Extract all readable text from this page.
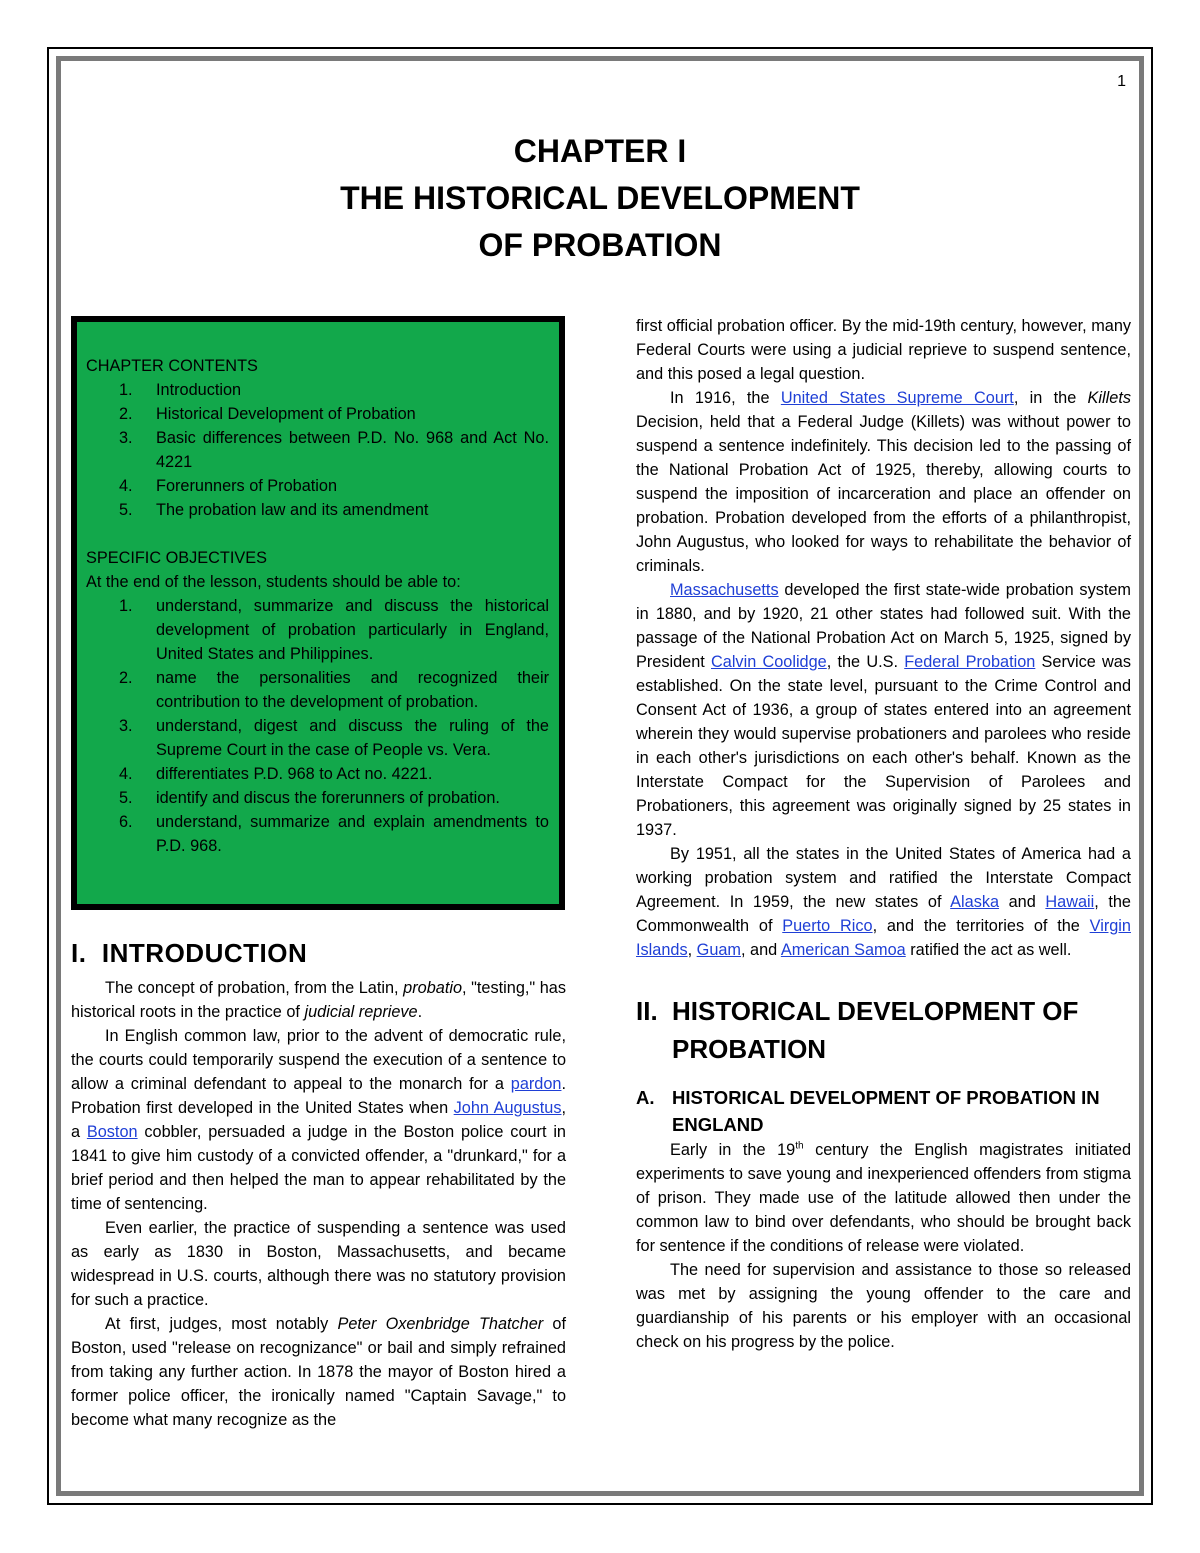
1
CHAPTER I
THE HISTORICAL DEVELOPMENT
OF PROBATION
CHAPTER CONTENTS
1.	Introduction
2.	Historical Development of Probation
3.	Basic differences between P.D. No. 968 and Act No. 4221
4.	Forerunners of Probation
5.	The probation law and its amendment
SPECIFIC OBJECTIVES
At the end of the lesson, students should be able to:
1.	understand, summarize and discuss the historical development of probation particularly in England, United States and Philippines.
2.	name the personalities and recognized their contribution to the development of probation.
3.	understand, digest and discuss the ruling of the Supreme Court in the case of People vs. Vera.
4.	differentiates P.D. 968 to Act no. 4221.
5.	identify and discus the forerunners of probation.
6.	understand, summarize and explain amendments to P.D. 968.
I. INTRODUCTION

The concept of probation, from the Latin, probatio, "testing," has historical roots in the practice of judicial reprieve.

In English common law, prior to the advent of democratic rule, the courts could temporarily suspend the execution of a sentence to allow a criminal defendant to appeal to the monarch for a pardon. Probation first developed in the United States when John Augustus, a Boston cobbler, persuaded a judge in the Boston police court in 1841 to give him custody of a convicted offender, a "drunkard," for a brief period and then helped the man to appear rehabilitated by the time of sentencing.

Even earlier, the practice of suspending a sentence was used as early as 1830 in Boston, Massachusetts, and became widespread in U.S. courts, although there was no statutory provision for such a practice.

At first, judges, most notably Peter Oxenbridge Thatcher of Boston, used "release on recognizance" or bail and simply refrained from taking any further action. In 1878 the mayor of Boston hired a former police officer, the ironically named "Captain Savage," to become what many recognize as the

first official probation officer. By the mid-19th century, however, many Federal Courts were using a judicial reprieve to suspend sentence, and this posed a legal question.

In 1916, the United States Supreme Court, in the Killets Decision, held that a Federal Judge (Killets) was without power to suspend a sentence indefinitely. This decision led to the passing of the National Probation Act of 1925, thereby, allowing courts to suspend the imposition of incarceration and place an offender on probation. Probation developed from the efforts of a philanthropist, John Augustus, who looked for ways to rehabilitate the behavior of criminals.

Massachusetts developed the first state-wide probation system in 1880, and by 1920, 21 other states had followed suit. With the passage of the National Probation Act on March 5, 1925, signed by President Calvin Coolidge, the U.S. Federal Probation Service was established. On the state level, pursuant to the Crime Control and Consent Act of 1936, a group of states entered into an agreement wherein they would supervise probationers and parolees who reside in each other's jurisdictions on each other's behalf. Known as the Interstate Compact for the Supervision of Parolees and Probationers, this agreement was originally signed by 25 states in 1937.

By 1951, all the states in the United States of America had a working probation system and ratified the Interstate Compact Agreement. In 1959, the new states of Alaska and Hawaii, the Commonwealth of Puerto Rico, and the territories of the Virgin Islands, Guam, and American Samoa ratified the act as well.

II. HISTORICAL DEVELOPMENT OF PROBATION
A. HISTORICAL DEVELOPMENT OF PROBATION IN ENGLAND

Early in the 19th century the English magistrates initiated experiments to save young and inexperienced offenders from stigma of prison. They made use of the latitude allowed then under the common law to bind over defendants, who should be brought back for sentence if the conditions of release were violated.

The need for supervision and assistance to those so released was met by assigning the young offender to the care and guardianship of his parents or his employer with an occasional check on his progress by the police.
